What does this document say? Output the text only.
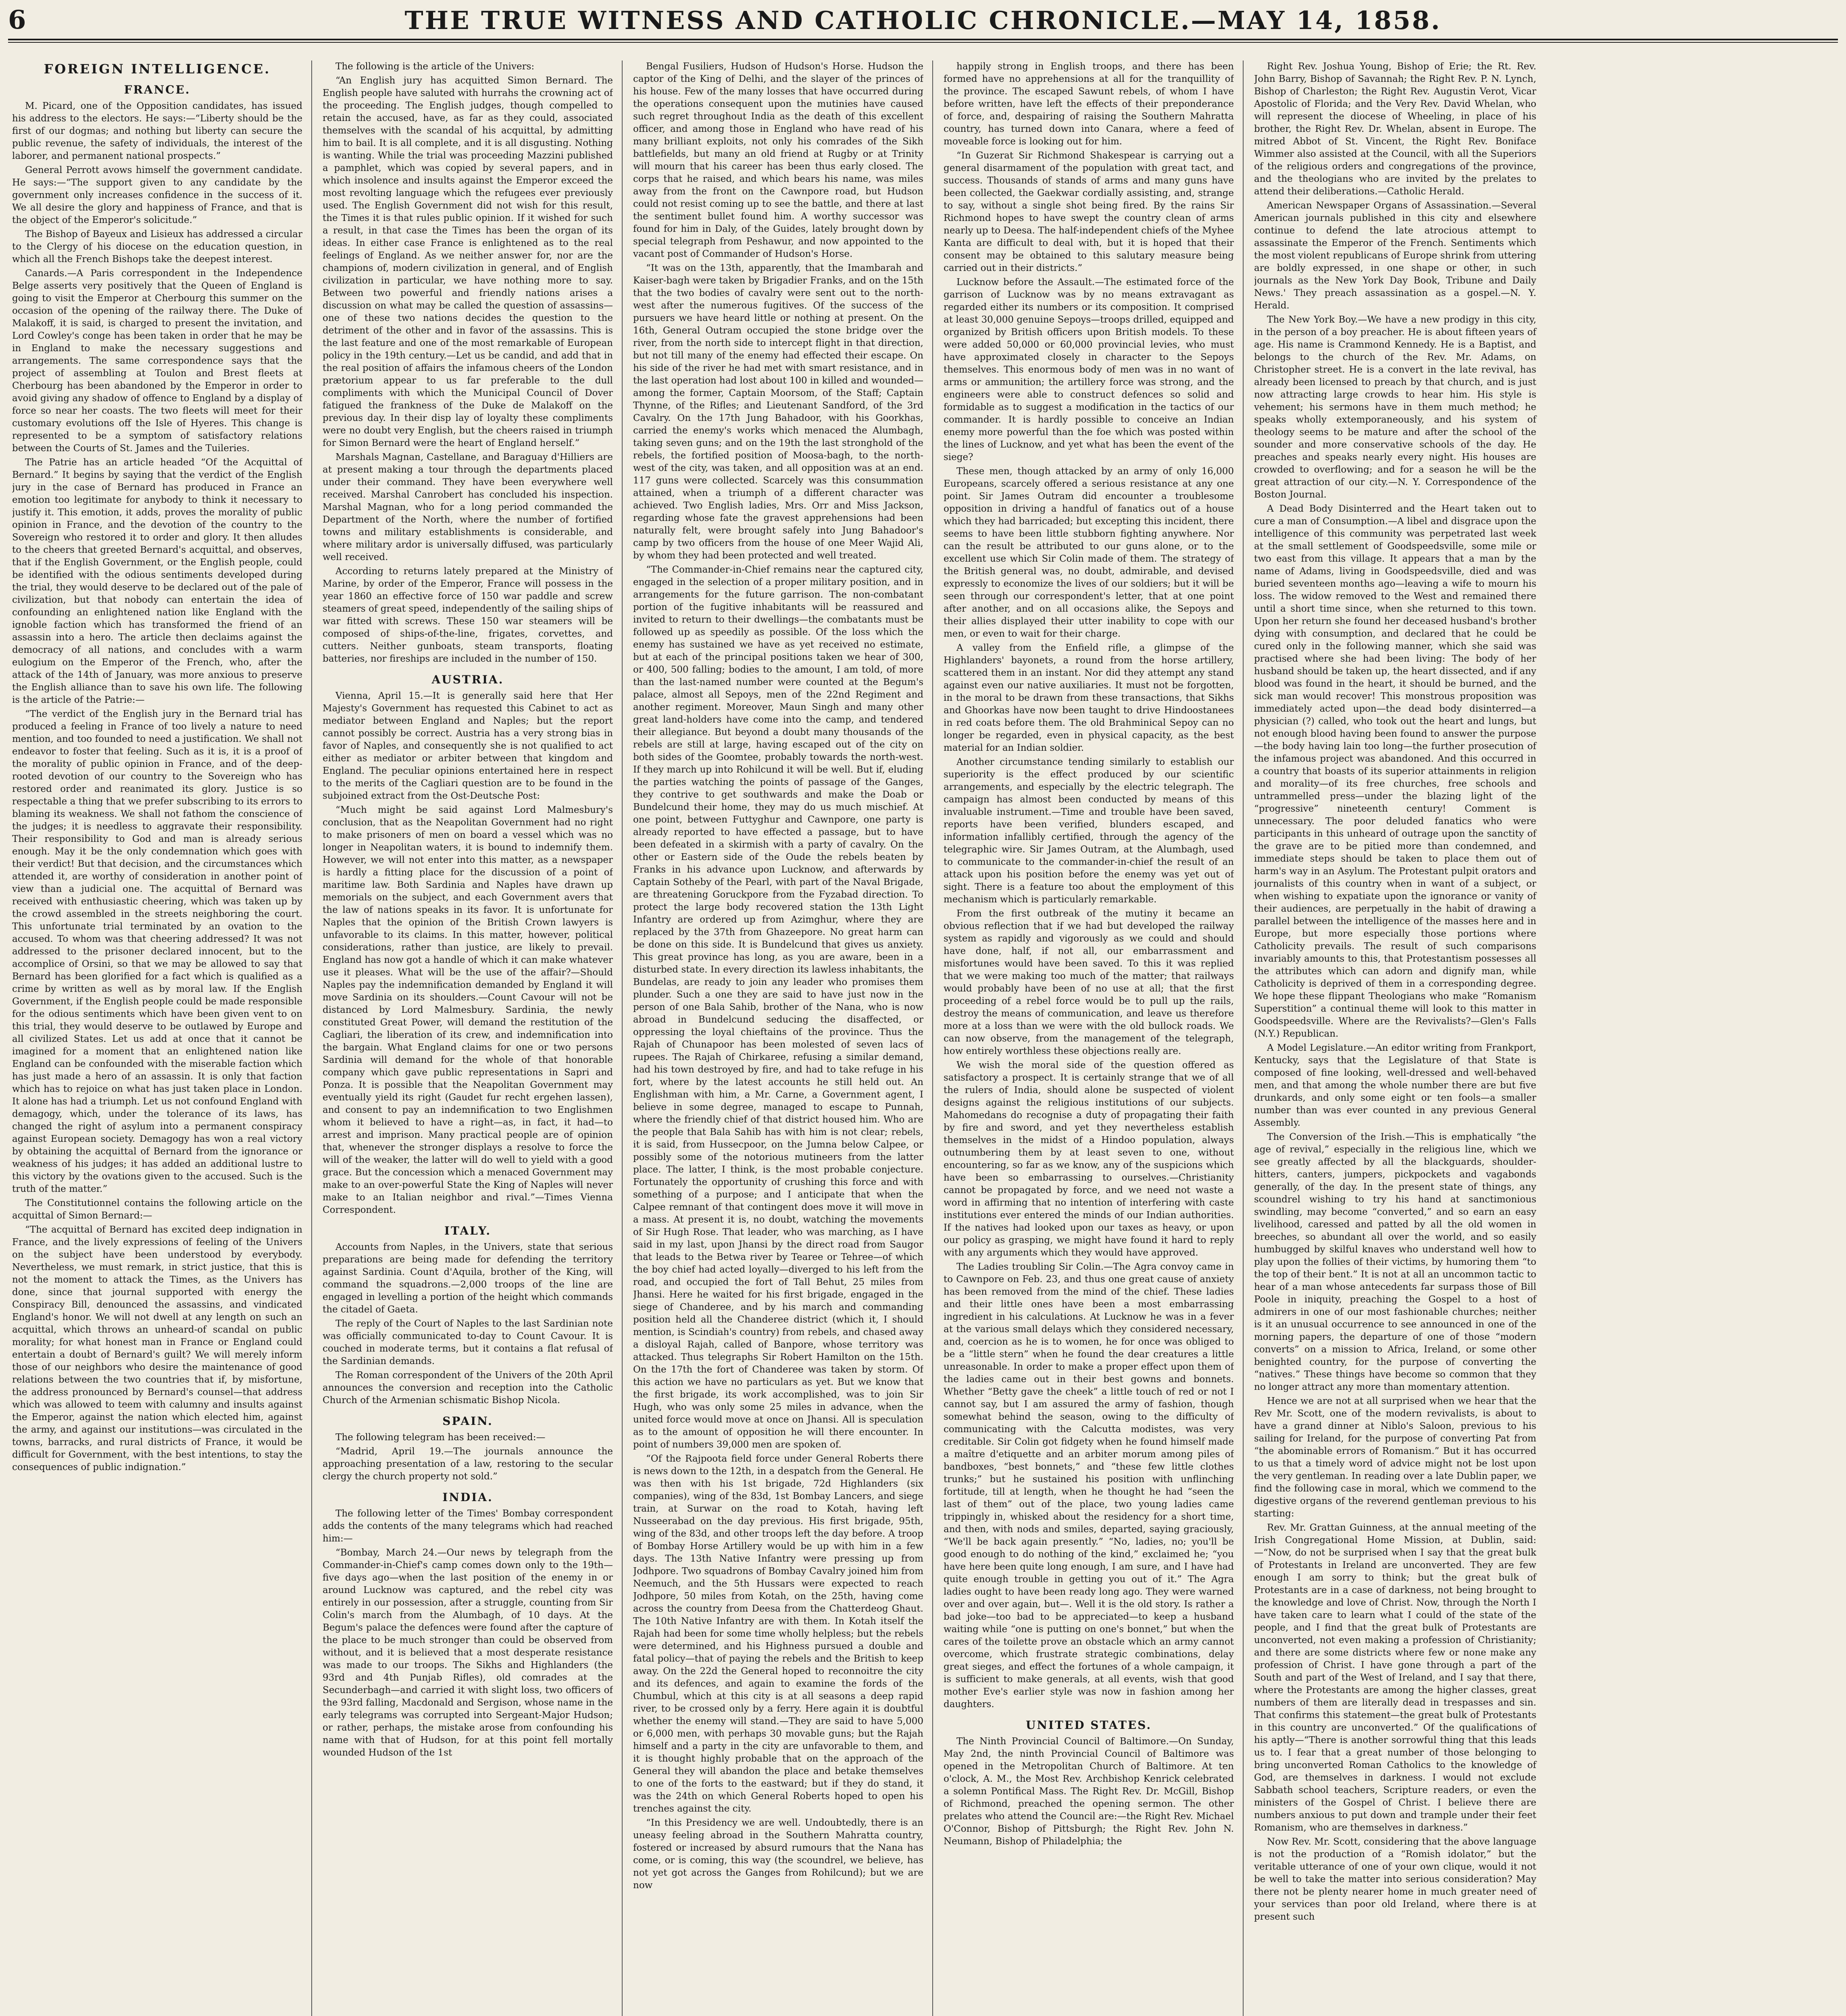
6	THE TRUE WITNESS AND CATHOLIC CHRONICLE.—MAY 14, 1858.
FOREIGN INTELLIGENCE.
FRANCE.

M. Picard, one of the Opposition candidates, has issued his address to the electors. He says:—“Liberty should be the first of our dogmas; and nothing but liberty can secure the public revenue, the safety of individuals, the interest of the laborer, and permanent national prospects.”

General Perrott avows himself the government candidate. He says:—“The support given to any candidate by the government only increases confidence in the success of it. We all desire the glory and happiness of France, and that is the object of the Emperor's solicitude.”

The Bishop of Bayeux and Lisieux has addressed a circular to the Clergy of his diocese on the education question, in which all the French Bishops take the deepest interest.

Canards.—A Paris correspondent in the Independence Belge asserts very positively that the Queen of England is going to visit the Emperor at Cherbourg this summer on the occasion of the opening of the railway there. The Duke of Malakoff, it is said, is charged to present the invitation, and Lord Cowley's conge has been taken in order that he may be in England to make the necessary suggestions and arrangements. The same correspondence says that the project of assembling at Toulon and Brest fleets at Cherbourg has been abandoned by the Emperor in order to avoid giving any shadow of offence to England by a display of force so near her coasts. The two fleets will meet for their customary evolutions off the Isle of Hyeres. This change is represented to be a symptom of satisfactory relations between the Courts of St. James and the Tuileries.

The Patrie has an article headed “Of the Acquittal of Bernard.” It begins by saying that the verdict of the English jury in the case of Bernard has produced in France an emotion too legitimate for anybody to think it necessary to justify it. This emotion, it adds, proves the morality of public opinion in France, and the devotion of the country to the Sovereign who restored it to order and glory. It then alludes to the cheers that greeted Bernard's acquittal, and observes, that if the English Government, or the English people, could be identified with the odious sentiments developed during the trial, they would deserve to be declared out of the pale of civilization, but that nobody can entertain the idea of confounding an enlightened nation like England with the ignoble faction which has transformed the friend of an assassin into a hero. The article then declaims against the democracy of all nations, and concludes with a warm eulogium on the Emperor of the French, who, after the attack of the 14th of January, was more anxious to preserve the English alliance than to save his own life. The following is the article of the Patrie:—

“The verdict of the English jury in the Bernard trial has produced a feeling in France of too lively a nature to need mention, and too founded to need a justification. We shall not endeavor to foster that feeling. Such as it is, it is a proof of the morality of public opinion in France, and of the deep-rooted devotion of our country to the Sovereign who has restored order and reanimated its glory. Justice is so respectable a thing that we prefer subscribing to its errors to blaming its weakness. We shall not fathom the conscience of the judges; it is needless to aggravate their responsibility. Their responsibility to God and man is already serious enough. May it be the only condemnation which goes with their verdict! But that decision, and the circumstances which attended it, are worthy of consideration in another point of view than a judicial one. The acquittal of Bernard was received with enthusiastic cheering, which was taken up by the crowd assembled in the streets neighboring the court. This unfortunate trial terminated by an ovation to the accused. To whom was that cheering addressed? It was not addressed to the prisoner declared innocent, but to the accomplice of Orsini, so that we may be allowed to say that Bernard has been glorified for a fact which is qualified as a crime by written as well as by moral law. If the English Government, if the English people could be made responsible for the odious sentiments which have been given vent to on this trial, they would deserve to be outlawed by Europe and all civilized States. Let us add at once that it cannot be imagined for a moment that an enlightened nation like England can be confounded with the miserable faction which has just made a hero of an assassin. It is only that faction which has to rejoice on what has just taken place in London. It alone has had a triumph. Let us not confound England with demagogy, which, under the tolerance of its laws, has changed the right of asylum into a permanent conspiracy against European society. Demagogy has won a real victory by obtaining the acquittal of Bernard from the ignorance or weakness of his judges; it has added an additional lustre to this victory by the ovations given to the accused. Such is the truth of the matter.”

The Constitutionnel contains the following article on the acquittal of Simon Bernard:—

“The acquittal of Bernard has excited deep indignation in France, and the lively expressions of feeling of the Univers on the subject have been understood by everybody. Nevertheless, we must remark, in strict justice, that this is not the moment to attack the Times, as the Univers has done, since that journal supported with energy the Conspiracy Bill, denounced the assassins, and vindicated England's honor. We will not dwell at any length on such an acquittal, which throws an unheard-of scandal on public morality; for what honest man in France or England could entertain a doubt of Bernard's guilt? We will merely inform those of our neighbors who desire the maintenance of good relations between the two countries that if, by misfortune, the address pronounced by Bernard's counsel—that address which was allowed to teem with calumny and insults against the Emperor, against the nation which elected him, against the army, and against our institutions—was circulated in the towns, barracks, and rural districts of France, it would be difficult for Government, with the best intentions, to stay the consequences of public indignation.”

The following is the article of the Univers:

“An English jury has acquitted Simon Bernard. The English people have saluted with hurrahs the crowning act of the proceeding. The English judges, though compelled to retain the accused, have, as far as they could, associated themselves with the scandal of his acquittal, by admitting him to bail. It is all complete, and it is all disgusting. Nothing is wanting. While the trial was proceeding Mazzini published a pamphlet, which was copied by several papers, and in which insolence and insults against the Emperor exceed the most revolting language which the refugees ever previously used. The English Government did not wish for this result, the Times it is that rules public opinion. If it wished for such a result, in that case the Times has been the organ of its ideas. In either case France is enlightened as to the real feelings of England. As we neither answer for, nor are the champions of, modern civilization in general, and of English civilization in particular, we have nothing more to say. Between two powerful and friendly nations arises a discussion on what may be called the question of assassins—one of these two nations decides the question to the detriment of the other and in favor of the assassins. This is the last feature and one of the most remarkable of European policy in the 19th century.—Let us be candid, and add that in the real position of affairs the infamous cheers of the London prætorium appear to us far preferable to the dull compliments with which the Municipal Council of Dover fatigued the frankness of the Duke de Malakoff on the previous day. In their disp lay of loyalty these compliments were no doubt very English, but the cheers raised in triumph for Simon Bernard were the heart of England herself.”

Marshals Magnan, Castellane, and Baraguay d'Hilliers are at present making a tour through the departments placed under their command. They have been everywhere well received. Marshal Canrobert has concluded his inspection. Marshal Magnan, who for a long period commanded the Department of the North, where the number of fortified towns and military establishments is considerable, and where military ardor is universally diffused, was particularly well received.

According to returns lately prepared at the Ministry of Marine, by order of the Emperor, France will possess in the year 1860 an effective force of 150 war paddle and screw steamers of great speed, independently of the sailing ships of war fitted with screws. These 150 war steamers will be composed of ships-of-the-line, frigates, corvettes, and cutters. Neither gunboats, steam transports, floating batteries, nor fireships are included in the number of 150.

AUSTRIA.

Vienna, April 15.—It is generally said here that Her Majesty's Government has requested this Cabinet to act as mediator between England and Naples; but the report cannot possibly be correct. Austria has a very strong bias in favor of Naples, and consequently she is not qualified to act either as mediator or arbiter between that kingdom and England. The peculiar opinions entertained here in respect to the merits of the Cagliari question are to be found in the subjoined extract from the Ost-Deutsche Post:

“Much might be said against Lord Malmesbury's conclusion, that as the Neapolitan Government had no right to make prisoners of men on board a vessel which was no longer in Neapolitan waters, it is bound to indemnify them. However, we will not enter into this matter, as a newspaper is hardly a fitting place for the discussion of a point of maritime law. Both Sardinia and Naples have drawn up memorials on the subject, and each Government avers that the law of nations speaks in its favor. It is unfortunate for Naples that the opinion of the British Crown lawyers is unfavorable to its claims. In this matter, however, political considerations, rather than justice, are likely to prevail. England has now got a handle of which it can make whatever use it pleases. What will be the use of the affair?—Should Naples pay the indemnification demanded by England it will move Sardinia on its shoulders.—Count Cavour will not be distanced by Lord Malmesbury. Sardinia, the newly constituted Great Power, will demand the restitution of the Cagliari, the liberation of its crew, and indemnification into the bargain. What England claims for one or two persons Sardinia will demand for the whole of that honorable company which gave public representations in Sapri and Ponza. It is possible that the Neapolitan Government may eventually yield its right (Gaudet fur recht ergehen lassen), and consent to pay an indemnification to two Englishmen whom it believed to have a right—as, in fact, it had—to arrest and imprison. Many practical people are of opinion that, whenever the stronger displays a resolve to force the will of the weaker, the latter will do well to yield with a good grace. But the concession which a menaced Government may make to an over-powerful State the King of Naples will never make to an Italian neighbor and rival.”—Times Vienna Correspondent.

ITALY.

Accounts from Naples, in the Univers, state that serious preparations are being made for defending the territory against Sardinia. Count d'Aquila, brother of the King, will command the squadrons.—2,000 troops of the line are engaged in levelling a portion of the height which commands the citadel of Gaeta.

The reply of the Court of Naples to the last Sardinian note was officially communicated to-day to Count Cavour. It is couched in moderate terms, but it contains a flat refusal of the Sardinian demands.

The Roman correspondent of the Univers of the 20th April announces the conversion and reception into the Catholic Church of the Armenian schismatic Bishop Nicola.

SPAIN.

The following telegram has been received:—

“Madrid, April 19.—The journals announce the approaching presentation of a law, restoring to the secular clergy the church property not sold.”

INDIA.

The following letter of the Times' Bombay correspondent adds the contents of the many telegrams which had reached him:—

“Bombay, March 24.—Our news by telegraph from the Commander-in-Chief's camp comes down only to the 19th—five days ago—when the last position of the enemy in or around Lucknow was captured, and the rebel city was entirely in our possession, after a struggle, counting from Sir Colin's march from the Alumbagh, of 10 days. At the Begum's palace the defences were found after the capture of the place to be much stronger than could be observed from without, and it is believed that a most desperate resistance was made to our troops. The Sikhs and Highlanders (the 93rd and 4th Punjab Rifles), old comrades at the Secunderbagh—and carried it with slight loss, two officers of the 93rd falling, Macdonald and Sergison, whose name in the early telegrams was corrupted into Sergeant-Major Hudson; or rather, perhaps, the mistake arose from confounding his name with that of Hudson, for at this point fell mortally wounded Hudson of the 1st

Bengal Fusiliers, Hudson of Hudson's Horse. Hudson the captor of the King of Delhi, and the slayer of the princes of his house. Few of the many losses that have occurred during the operations consequent upon the mutinies have caused such regret throughout India as the death of this excellent officer, and among those in England who have read of his many brilliant exploits, not only his comrades of the Sikh battlefields, but many an old friend at Rugby or at Trinity will mourn that his career has been thus early closed. The corps that he raised, and which bears his name, was miles away from the front on the Cawnpore road, but Hudson could not resist coming up to see the battle, and there at last the sentiment bullet found him. A worthy successor was found for him in Daly, of the Guides, lately brought down by special telegraph from Peshawur, and now appointed to the vacant post of Commander of Hudson's Horse.

“It was on the 13th, apparently, that the Imambarah and Kaiser-bagh were taken by Brigadier Franks, and on the 15th that the two bodies of cavalry were sent out to the north-west after the numerous fugitives. Of the success of the pursuers we have heard little or nothing at present. On the 16th, General Outram occupied the stone bridge over the river, from the north side to intercept flight in that direction, but not till many of the enemy had effected their escape. On his side of the river he had met with smart resistance, and in the last operation had lost about 100 in killed and wounded—among the former, Captain Moorsom, of the Staff; Captain Thynne, of the Rifles; and Lieutenant Sandford, of the 3rd Cavalry. On the 17th Jung Bahadoor, with his Goorkhas, carried the enemy's works which menaced the Alumbagh, taking seven guns; and on the 19th the last stronghold of the rebels, the fortified position of Moosa-bagh, to the north-west of the city, was taken, and all opposition was at an end. 117 guns were collected. Scarcely was this consummation attained, when a triumph of a different character was achieved. Two English ladies, Mrs. Orr and Miss Jackson, regarding whose fate the gravest apprehensions had been naturally felt, were brought safely into Jung Bahadoor's camp by two officers from the house of one Meer Wajid Ali, by whom they had been protected and well treated.

“The Commander-in-Chief remains near the captured city, engaged in the selection of a proper military position, and in arrangements for the future garrison. The non-combatant portion of the fugitive inhabitants will be reassured and invited to return to their dwellings—the combatants must be followed up as speedily as possible. Of the loss which the enemy has sustained we have as yet received no estimate, but at each of the principal positions taken we hear of 300, or 400, 500 falling; bodies to the amount, I am told, of more than the last-named number were counted at the Begum's palace, almost all Sepoys, men of the 22nd Regiment and another regiment. Moreover, Maun Singh and many other great land-holders have come into the camp, and tendered their allegiance. But beyond a doubt many thousands of the rebels are still at large, having escaped out of the city on both sides of the Goomtee, probably towards the north-west. If they march up into Rohilcund it will be well. But if, eluding the parties watching the points of passage of the Ganges, they contrive to get southwards and make the Doab or Bundelcund their home, they may do us much mischief. At one point, between Futtyghur and Cawnpore, one party is already reported to have effected a passage, but to have been defeated in a skirmish with a party of cavalry. On the other or Eastern side of the Oude the rebels beaten by Franks in his advance upon Lucknow, and afterwards by Captain Sotheby of the Pearl, with part of the Naval Brigade, are threatening Goruckpore from the Fyzabad direction. To protect the large body recovered station the 13th Light Infantry are ordered up from Azimghur, where they are replaced by the 37th from Ghazeepore. No great harm can be done on this side. It is Bundelcund that gives us anxiety. This great province has long, as you are aware, been in a disturbed state. In every direction its lawless inhabitants, the Bundelas, are ready to join any leader who promises them plunder. Such a one they are said to have just now in the person of one Bala Sahib, brother of the Nana, who is now abroad in Bundelcund seducing the disaffected, or oppressing the loyal chieftains of the province. Thus the Rajah of Chunapoor has been molested of seven lacs of rupees. The Rajah of Chirkaree, refusing a similar demand, had his town destroyed by fire, and had to take refuge in his fort, where by the latest accounts he still held out. An Englishman with him, a Mr. Carne, a Government agent, I believe in some degree, managed to escape to Punnah, where the friendly chief of that district housed him. Who are the people that Bala Sahib has with him is not clear; rebels, it is said, from Hussecpoor, on the Jumna below Calpee, or possibly some of the notorious mutineers from the latter place. The latter, I think, is the most probable conjecture. Fortunately the opportunity of crushing this force and with something of a purpose; and I anticipate that when the Calpee remnant of that contingent does move it will move in a mass. At present it is, no doubt, watching the movements of Sir Hugh Rose. That leader, who was marching, as I have said in my last, upon Jhansi by the direct road from Saugor that leads to the Betwa river by Tearee or Tehree—of which the boy chief had acted loyally—diverged to his left from the road, and occupied the fort of Tall Behut, 25 miles from Jhansi. Here he waited for his first brigade, engaged in the siege of Chanderee, and by his march and commanding position held all the Chanderee district (which it, I should mention, is Scindiah's country) from rebels, and chased away a disloyal Rajah, called of Banpore, whose territory was attacked. Thus telegraphs Sir Robert Hamilton on the 15th. On the 17th the fort of Chanderee was taken by storm. Of this action we have no particulars as yet. But we know that the first brigade, its work accomplished, was to join Sir Hugh, who was only some 25 miles in advance, when the united force would move at once on Jhansi. All is speculation as to the amount of opposition he will there encounter. In point of numbers 39,000 men are spoken of.

“Of the Rajpoota field force under General Roberts there is news down to the 12th, in a despatch from the General. He was then with his 1st brigade, 72d Highlanders (six companies), wing of the 83d, 1st Bombay Lancers, and siege train, at Surwar on the road to Kotah, having left Nusseerabad on the day previous. His first brigade, 95th, wing of the 83d, and other troops left the day before. A troop of Bombay Horse Artillery would be up with him in a few days. The 13th Native Infantry were pressing up from Jodhpore. Two squadrons of Bombay Cavalry joined him from Neemuch, and the 5th Hussars were expected to reach Jodhpore, 50 miles from Kotah, on the 25th, having come across the country from Deesa from the Chatterdeog Ghaut. The 10th Native Infantry are with them. In Kotah itself the Rajah had been for some time wholly helpless; but the rebels were determined, and his Highness pursued a double and fatal policy—that of paying the rebels and the British to keep away. On the 22d the General hoped to reconnoitre the city and its defences, and again to examine the fords of the Chumbul, which at this city is at all seasons a deep rapid river, to be crossed only by a ferry. Here again it is doubtful whether the enemy will stand.—They are said to have 5,000 or 6,000 men, with perhaps 30 movable guns; but the Rajah himself and a party in the city are unfavorable to them, and it is thought highly probable that on the approach of the General they will abandon the place and betake themselves to one of the forts to the eastward; but if they do stand, it was the 24th on which General Roberts hoped to open his trenches against the city.

“In this Presidency we are well. Undoubtedly, there is an uneasy feeling abroad in the Southern Mahratta country, fostered or increased by absurd rumours that the Nana has come, or is coming, this way (the scoundrel, we believe, has not yet got across the Ganges from Rohilcund); but we are now

happily strong in English troops, and there has been formed have no apprehensions at all for the tranquillity of the province. The escaped Sawunt rebels, of whom I have before written, have left the effects of their preponderance of force, and, despairing of raising the Southern Mahratta country, has turned down into Canara, where a feed of moveable force is looking out for him.

“In Guzerat Sir Richmond Shakespear is carrying out a general disarmament of the population with great tact, and success. Thousands of stands of arms and many guns have been collected, the Gaekwar cordially assisting, and, strange to say, without a single shot being fired. By the rains Sir Richmond hopes to have swept the country clean of arms nearly up to Deesa. The half-independent chiefs of the Myhee Kanta are difficult to deal with, but it is hoped that their consent may be obtained to this salutary measure being carried out in their districts.”

Lucknow before the Assault.—The estimated force of the garrison of Lucknow was by no means extravagant as regarded either its numbers or its composition. It comprised at least 30,000 genuine Sepoys—troops drilled, equipped and organized by British officers upon British models. To these were added 50,000 or 60,000 provincial levies, who must have approximated closely in character to the Sepoys themselves. This enormous body of men was in no want of arms or ammunition; the artillery force was strong, and the engineers were able to construct defences so solid and formidable as to suggest a modification in the tactics of our commander. It is hardly possible to conceive an Indian enemy more powerful than the foe which was posted within the lines of Lucknow, and yet what has been the event of the siege?

These men, though attacked by an army of only 16,000 Europeans, scarcely offered a serious resistance at any one point. Sir James Outram did encounter a troublesome opposition in driving a handful of fanatics out of a house which they had barricaded; but excepting this incident, there seems to have been little stubborn fighting anywhere. Nor can the result be attributed to our guns alone, or to the excellent use which Sir Colin made of them. The strategy of the British general was, no doubt, admirable, and devised expressly to economize the lives of our soldiers; but it will be seen through our correspondent's letter, that at one point after another, and on all occasions alike, the Sepoys and their allies displayed their utter inability to cope with our men, or even to wait for their charge.

A valley from the Enfield rifle, a glimpse of the Highlanders' bayonets, a round from the horse artillery, scattered them in an instant. Nor did they attempt any stand against even our native auxiliaries. It must not be forgotten, in the moral to be drawn from these transactions, that Sikhs and Ghoorkas have now been taught to drive Hindoostanees in red coats before them. The old Brahminical Sepoy can no longer be regarded, even in physical capacity, as the best material for an Indian soldier.

Another circumstance tending similarly to establish our superiority is the effect produced by our scientific arrangements, and especially by the electric telegraph. The campaign has almost been conducted by means of this invaluable instrument.—Time and trouble have been saved, reports have been verified, blunders escaped, and information infallibly certified, through the agency of the telegraphic wire. Sir James Outram, at the Alumbagh, used to communicate to the commander-in-chief the result of an attack upon his position before the enemy was yet out of sight. There is a feature too about the employment of this mechanism which is particularly remarkable.

From the first outbreak of the mutiny it became an obvious reflection that if we had but developed the railway system as rapidly and vigorously as we could and should have done, half, if not all, our embarrassment and misfortunes would have been saved. To this it was replied that we were making too much of the matter; that railways would probably have been of no use at all; that the first proceeding of a rebel force would be to pull up the rails, destroy the means of communication, and leave us therefore more at a loss than we were with the old bullock roads. We can now observe, from the management of the telegraph, how entirely worthless these objections really are.

We wish the moral side of the question offered as satisfactory a prospect. It is certainly strange that we of all the rulers of India, should alone be suspected of violent designs against the religious institutions of our subjects. Mahomedans do recognise a duty of propagating their faith by fire and sword, and yet they nevertheless establish themselves in the midst of a Hindoo population, always outnumbering them by at least seven to one, without encountering, so far as we know, any of the suspicions which have been so embarrassing to ourselves.—Christianity cannot be propagated by force, and we need not waste a word in affirming that no intention of interfering with caste institutions ever entered the minds of our Indian authorities. If the natives had looked upon our taxes as heavy, or upon our policy as grasping, we might have found it hard to reply with any arguments which they would have approved.

The Ladies troubling Sir Colin.—The Agra convoy came in to Cawnpore on Feb. 23, and thus one great cause of anxiety has been removed from the mind of the chief. These ladies and their little ones have been a most embarrassing ingredient in his calculations. At Lucknow he was in a fever at the various small delays which they considered necessary, and, coercion as he is to women, he for once was obliged to be a “little stern” when he found the dear creatures a little unreasonable. In order to make a proper effect upon them of the ladies came out in their best gowns and bonnets. Whether “Betty gave the cheek” a little touch of red or not I cannot say, but I am assured the army of fashion, though somewhat behind the season, owing to the difficulty of communicating with the Calcutta modistes, was very creditable. Sir Colin got fidgety when he found himself made a maître d'etiquette and an arbiter morum among piles of bandboxes, “best bonnets,” and “these few little clothes trunks;” but he sustained his position with unflinching fortitude, till at length, when he thought he had “seen the last of them” out of the place, two young ladies came trippingly in, whisked about the residency for a short time, and then, with nods and smiles, departed, saying graciously, “We'll be back again presently.” “No, ladies, no; you'll be good enough to do nothing of the kind,” exclaimed he; “you have here been quite long enough, I am sure, and I have had quite enough trouble in getting you out of it.” The Agra ladies ought to have been ready long ago. They were warned over and over again, but—. Well it is the old story. Is rather a bad joke—too bad to be appreciated—to keep a husband waiting while “one is putting on one's bonnet,” but when the cares of the toilette prove an obstacle which an army cannot overcome, which frustrate strategic combinations, delay great sieges, and effect the fortunes of a whole campaign, it is sufficient to make generals, at all events, wish that good mother Eve's earlier style was now in fashion among her daughters.

UNITED STATES.

The Ninth Provincial Council of Baltimore.—On Sunday, May 2nd, the ninth Provincial Council of Baltimore was opened in the Metropolitan Church of Baltimore. At ten o'clock, A. M., the Most Rev. Archbishop Kenrick celebrated a solemn Pontifical Mass. The Right Rev. Dr. McGill, Bishop of Richmond, preached the opening sermon. The other prelates who attend the Council are:—the Right Rev. Michael O'Connor, Bishop of Pittsburgh; the Right Rev. John N. Neumann, Bishop of Philadelphia; the

Right Rev. Joshua Young, Bishop of Erie; the Rt. Rev. John Barry, Bishop of Savannah; the Right Rev. P. N. Lynch, Bishop of Charleston; the Right Rev. Augustin Verot, Vicar Apostolic of Florida; and the Very Rev. David Whelan, who will represent the diocese of Wheeling, in place of his brother, the Right Rev. Dr. Whelan, absent in Europe. The mitred Abbot of St. Vincent, the Right Rev. Boniface Wimmer also assisted at the Council, with all the Superiors of the religious orders and congregations of the province, and the theologians who are invited by the prelates to attend their deliberations.—Catholic Herald.

American Newspaper Organs of Assassination.—Several American journals published in this city and elsewhere continue to defend the late atrocious attempt to assassinate the Emperor of the French. Sentiments which the most violent republicans of Europe shrink from uttering are boldly expressed, in one shape or other, in such journals as the New York Day Book, Tribune and Daily News.' They preach assassination as a gospel.—N. Y. Herald.

The New York Boy.—We have a new prodigy in this city, in the person of a boy preacher. He is about fifteen years of age. His name is Crammond Kennedy. He is a Baptist, and belongs to the church of the Rev. Mr. Adams, on Christopher street. He is a convert in the late revival, has already been licensed to preach by that church, and is just now attracting large crowds to hear him. His style is vehement; his sermons have in them much method; he speaks wholly extemporaneously, and his system of theology seems to be mature and after the school of the sounder and more conservative schools of the day. He preaches and speaks nearly every night. His houses are crowded to overflowing; and for a season he will be the great attraction of our city.—N. Y. Correspondence of the Boston Journal.

A Dead Body Disinterred and the Heart taken out to cure a man of Consumption.—A libel and disgrace upon the intelligence of this community was perpetrated last week at the small settlement of Goodspeedsville, some mile or two east from this village. It appears that a man by the name of Adams, living in Goodspeedsville, died and was buried seventeen months ago—leaving a wife to mourn his loss. The widow removed to the West and remained there until a short time since, when she returned to this town. Upon her return she found her deceased husband's brother dying with consumption, and declared that he could be cured only in the following manner, which she said was practised where she had been living: The body of her husband should be taken up, the heart dissected, and if any blood was found in the heart, it should be burned, and the sick man would recover! This monstrous proposition was immediately acted upon—the dead body disinterred—a physician (?) called, who took out the heart and lungs, but not enough blood having been found to answer the purpose—the body having lain too long—the further prosecution of the infamous project was abandoned. And this occurred in a country that boasts of its superior attainments in religion and morality—of its free churches, free schools and untrammelled press—under the blazing light of the “progressive” nineteenth century! Comment is unnecessary. The poor deluded fanatics who were participants in this unheard of outrage upon the sanctity of the grave are to be pitied more than condemned, and immediate steps should be taken to place them out of harm's way in an Asylum. The Protestant pulpit orators and journalists of this country when in want of a subject, or when wishing to expatiate upon the ignorance or vanity of their audiences, are perpetually in the habit of drawing a parallel between the intelligence of the masses here and in Europe, but more especially those portions where Catholicity prevails. The result of such comparisons invariably amounts to this, that Protestantism possesses all the attributes which can adorn and dignify man, while Catholicity is deprived of them in a corresponding degree. We hope these flippant Theologians who make “Romanism Superstition” a continual theme will look to this matter in Goodspeedsville. Where are the Revivalists?—Glen's Falls (N.Y.) Republican.

A Model Legislature.—An editor writing from Frankport, Kentucky, says that the Legislature of that State is composed of fine looking, well-dressed and well-behaved men, and that among the whole number there are but five drunkards, and only some eight or ten fools—a smaller number than was ever counted in any previous General Assembly.

The Conversion of the Irish.—This is emphatically “the age of revival,” especially in the religious line, which we see greatly affected by all the blackguards, shoulder-hitters, canters, jumpers, pickpockets and vagabonds generally, of the day. In the present state of things, any scoundrel wishing to try his hand at sanctimonious swindling, may become “converted,” and so earn an easy livelihood, caressed and patted by all the old women in breeches, so abundant all over the world, and so easily humbugged by skilful knaves who understand well how to play upon the follies of their victims, by humoring them “to the top of their bent.” It is not at all an uncommon tactic to hear of a man whose antecedents far surpass those of Bill Poole in iniquity, preaching the Gospel to a host of admirers in one of our most fashionable churches; neither is it an unusual occurrence to see announced in one of the morning papers, the departure of one of those “modern converts” on a mission to Africa, Ireland, or some other benighted country, for the purpose of converting the “natives.” These things have become so common that they no longer attract any more than momentary attention.

Hence we are not at all surprised when we hear that the Rev Mr. Scott, one of the modern revivalists, is about to have a grand dinner at Niblo's Saloon, previous to his sailing for Ireland, for the purpose of converting Pat from “the abominable errors of Romanism.” But it has occurred to us that a timely word of advice might not be lost upon the very gentleman. In reading over a late Dublin paper, we find the following case in moral, which we commend to the digestive organs of the reverend gentleman previous to his starting:

Rev. Mr. Grattan Guinness, at the annual meeting of the Irish Congregational Home Mission, at Dublin, said:—“Now, do not be surprised when I say that the great bulk of Protestants in Ireland are unconverted. They are few enough I am sorry to think; but the great bulk of Protestants are in a case of darkness, not being brought to the knowledge and love of Christ. Now, through the North I have taken care to learn what I could of the state of the people, and I find that the great bulk of Protestants are unconverted, not even making a profession of Christianity; and there are some districts where few or none make any profession of Christ. I have gone through a part of the South and part of the West of Ireland, and I say that there, where the Protestants are among the higher classes, great numbers of them are literally dead in trespasses and sin. That confirms this statement—the great bulk of Protestants in this country are unconverted.” Of the qualifications of his aptly—“There is another sorrowful thing that this leads us to. I fear that a great number of those belonging to bring unconverted Roman Catholics to the knowledge of God, are themselves in darkness. I would not exclude Sabbath school teachers, Scripture readers, or even the ministers of the Gospel of Christ. I believe there are numbers anxious to put down and trample under their feet Romanism, who are themselves in darkness.”

Now Rev. Mr. Scott, considering that the above language is not the production of a “Romish idolator,” but the veritable utterance of one of your own clique, would it not be well to take the matter into serious consideration? May there not be plenty nearer home in much greater need of your services than poor old Ireland, where there is at present such
